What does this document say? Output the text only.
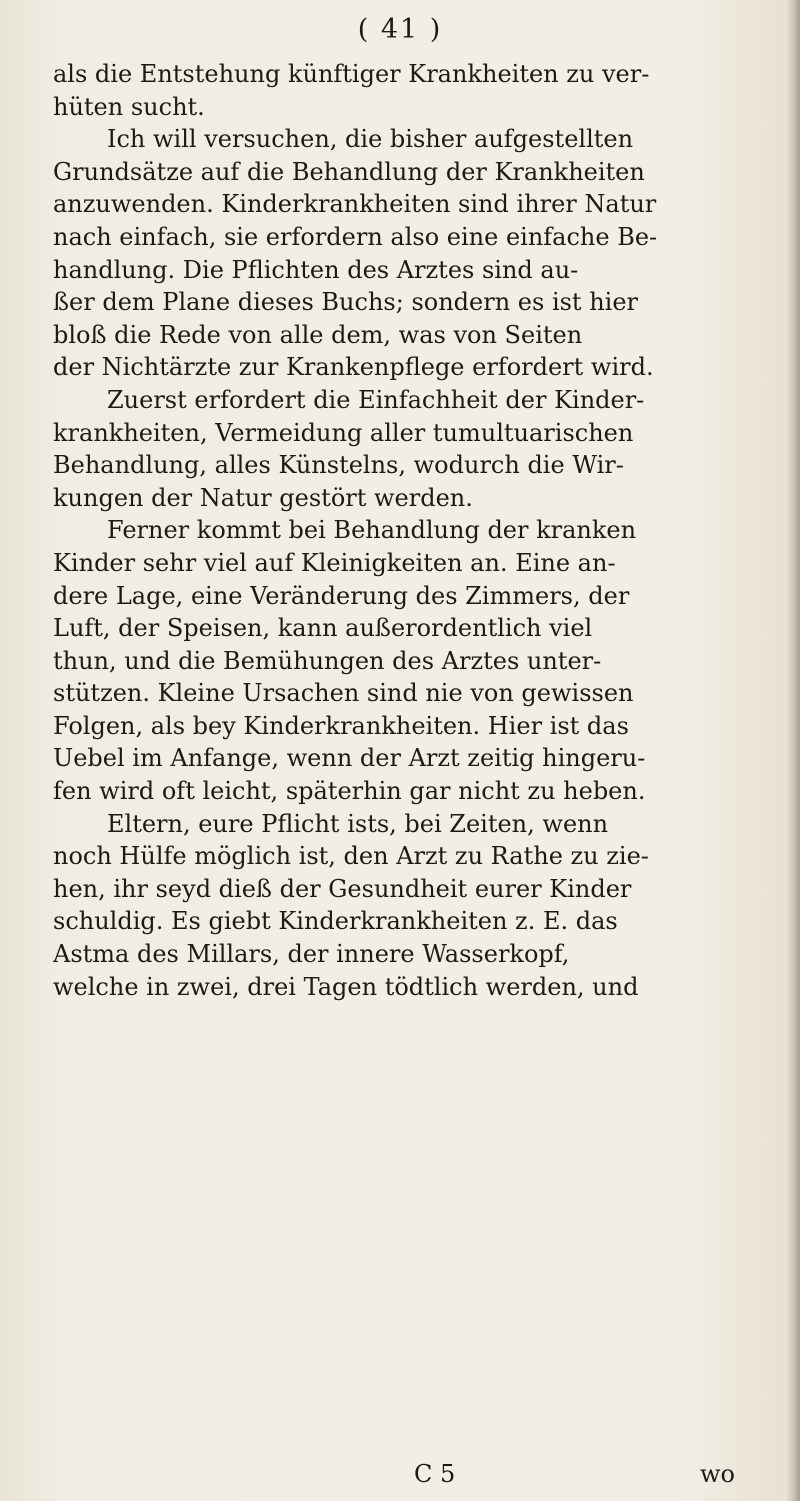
( 41 )
als die Entstehung künftiger Krankheiten zu ver-
hüten sucht.
Ich will versuchen, die bisher aufgestellten
Grundsätze auf die Behandlung der Krankheiten
anzuwenden. Kinderkrankheiten sind ihrer Natur
nach einfach, sie erfordern also eine einfache Be-
handlung. Die Pflichten des Arztes sind au-
ßer dem Plane dieses Buchs; sondern es ist hier
bloß die Rede von alle dem, was von Seiten
der Nichtärzte zur Krankenpflege erfordert wird.
Zuerst erfordert die Einfachheit der Kinder-
krankheiten, Vermeidung aller tumultuarischen
Behandlung, alles Künstelns, wodurch die Wir-
kungen der Natur gestört werden.
Ferner kommt bei Behandlung der kranken
Kinder sehr viel auf Kleinigkeiten an. Eine an-
dere Lage, eine Veränderung des Zimmers, der
Luft, der Speisen, kann außerordentlich viel
thun, und die Bemühungen des Arztes unter-
stützen. Kleine Ursachen sind nie von gewissen
Folgen, als bey Kinderkrankheiten. Hier ist das
Uebel im Anfange, wenn der Arzt zeitig hingeru-
fen wird oft leicht, späterhin gar nicht zu heben.
Eltern, eure Pflicht ists, bei Zeiten, wenn
noch Hülfe möglich ist, den Arzt zu Rathe zu zie-
hen, ihr seyd dieß der Gesundheit eurer Kinder
schuldig. Es giebt Kinderkrankheiten z. E. das
Astma des Millars, der innere Wasserkopf,
welche in zwei, drei Tagen tödtlich werden, und
C 5	wo
